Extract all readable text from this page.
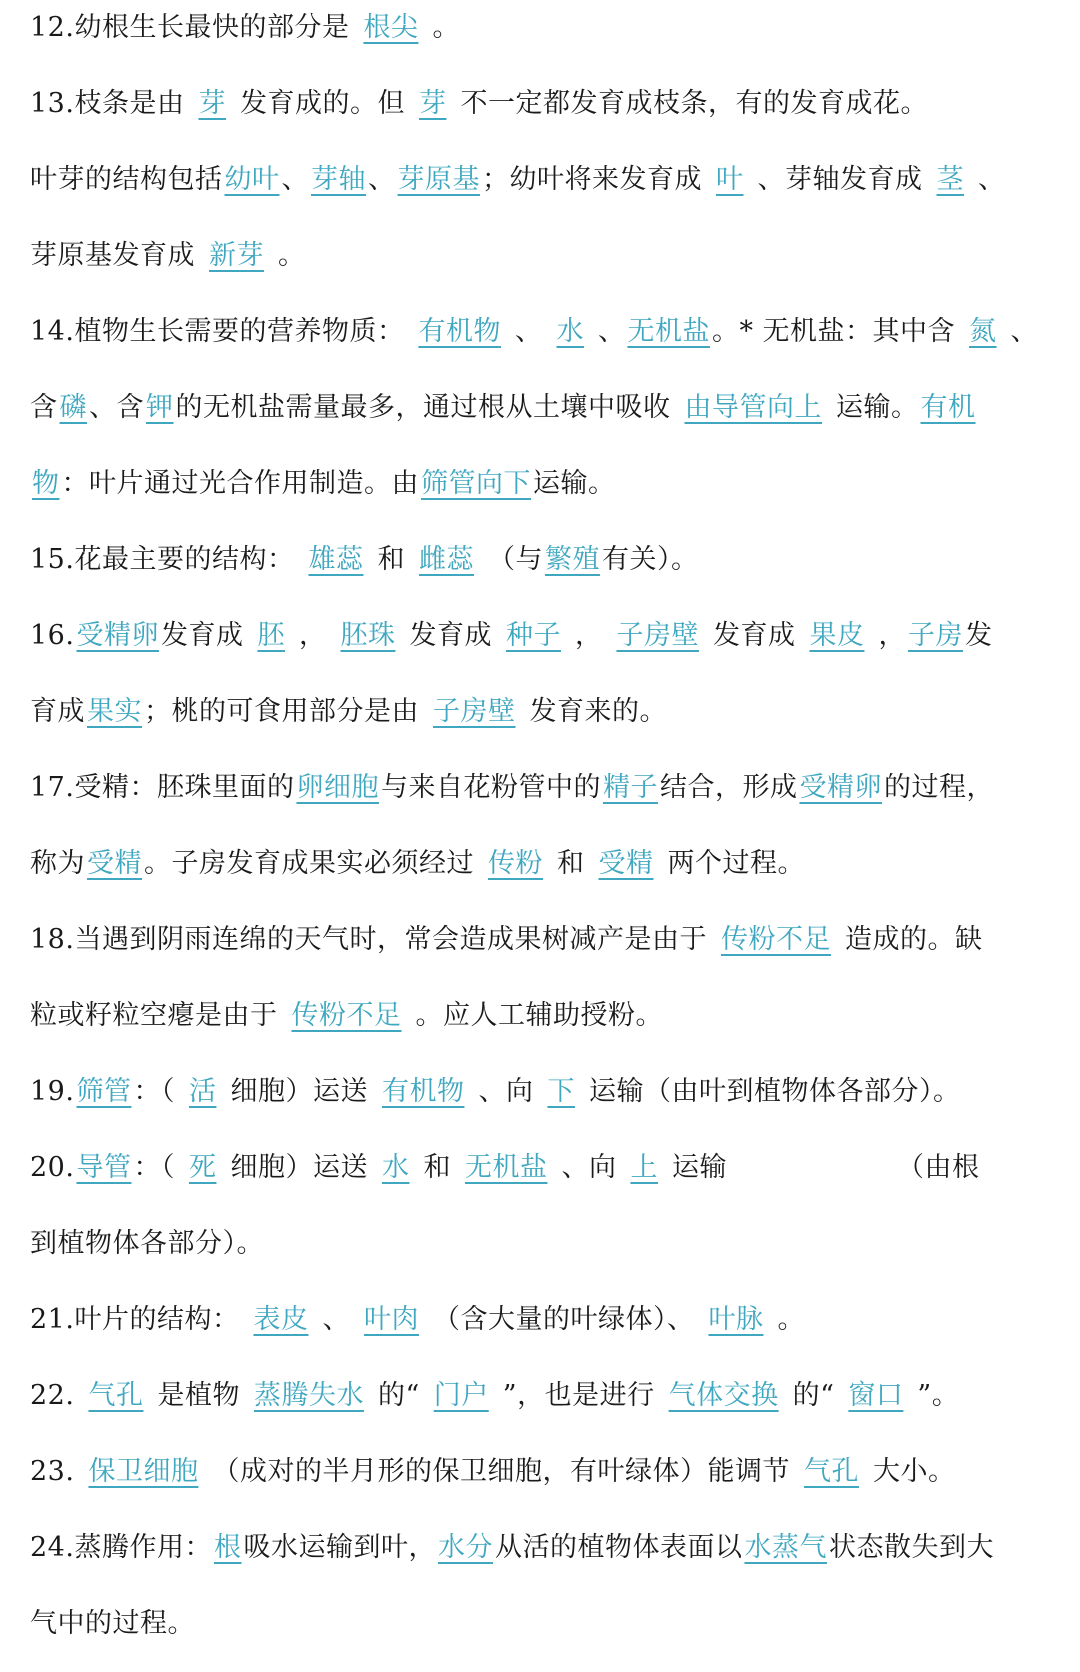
12.幼根生长最快的部分是 根尖 。
13.枝条是由 芽 发育成的。但 芽 不一定都发育成枝条，有的发育成花。
叶芽的结构包括幼叶、芽轴、芽原基；幼叶将来发育成 叶 、芽轴发育成 茎 、
芽原基发育成 新芽 。
14.植物生长需要的营养物质： 有机物 、 水 、无机盐。* 无机盐：其中含 氮 、
含磷、含钾的无机盐需量最多，通过根从土壤中吸收 由导管向上 运输。有机
物：叶片通过光合作用制造。由筛管向下运输。
15.花最主要的结构： 雄蕊 和 雌蕊 （与繁殖有关）。
16.受精卵发育成 胚 ， 胚珠 发育成 种子 ， 子房壁 发育成 果皮 ，子房发
育成果实；桃的可食用部分是由 子房壁 发育来的。
17.受精：胚珠里面的卵细胞与来自花粉管中的精子结合，形成受精卵的过程，
称为受精。子房发育成果实必须经过 传粉 和 受精 两个过程。
18.当遇到阴雨连绵的天气时，常会造成果树减产是由于 传粉不足 造成的。缺
粒或籽粒空瘪是由于 传粉不足 。应人工辅助授粉。
19.筛管：（ 活 细胞）运送 有机物 、向 下 运输（由叶到植物体各部分）。
20.导管：（ 死 细胞）运送 水 和 无机盐 、向 上 运输	（由根
到植物体各部分）。
21.叶片的结构： 表皮 、 叶肉 （含大量的叶绿体）、 叶脉 。
22. 气孔 是植物 蒸腾失水 的“ 门户 ”，也是进行 气体交换 的“ 窗口 ”。
23. 保卫细胞 （成对的半月形的保卫细胞，有叶绿体）能调节 气孔 大小。
24.蒸腾作用：根吸水运输到叶，水分从活的植物体表面以水蒸气状态散失到大
气中的过程。
